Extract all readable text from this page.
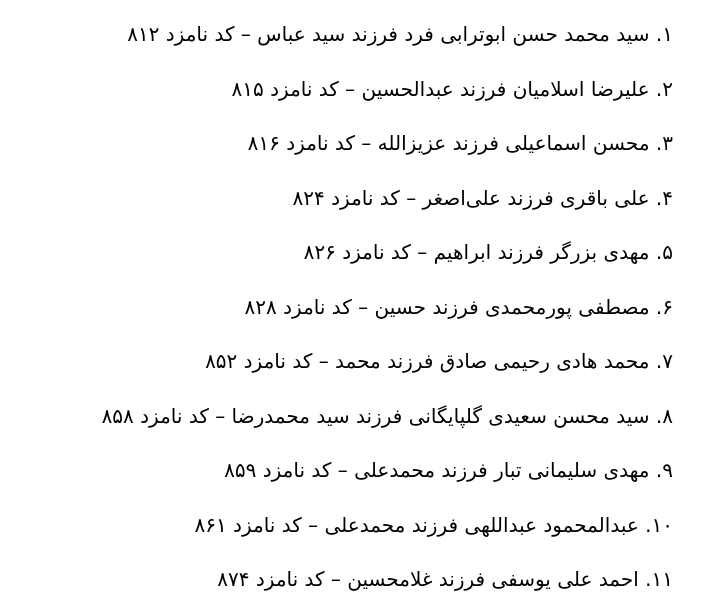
۱. سید محمد حسن ابوترابی فرد فرزند سید عباس – کد نامزد ۸۱۲
۲. علیرضا اسلامیان فرزند عبدالحسین – کد نامزد ۸۱۵
۳. محسن اسماعیلی فرزند عزیزالله – کد نامزد ۸۱۶
۴. علی باقری فرزند علی‌اصغر – کد نامزد ۸۲۴
۵. مهدی بزرگر فرزند ابراهیم – کد نامزد ۸۲۶
۶. مصطفی پورمحمدی فرزند حسین – کد نامزد ۸۲۸
۷. محمد هادی رحیمی صادق فرزند محمد – کد نامزد ۸۵۲
۸. سید محسن سعیدی گلپایگانی فرزند سید محمدرضا – کد نامزد ۸۵۸
۹. مهدی سلیمانی تبار فرزند محمدعلی – کد نامزد ۸۵۹
۱۰. عبدالمحمود عبداللهی فرزند محمدعلی – کد نامزد ۸۶۱
۱۱. احمد علی یوسفی فرزند غلامحسین – کد نامزد ۸۷۴
